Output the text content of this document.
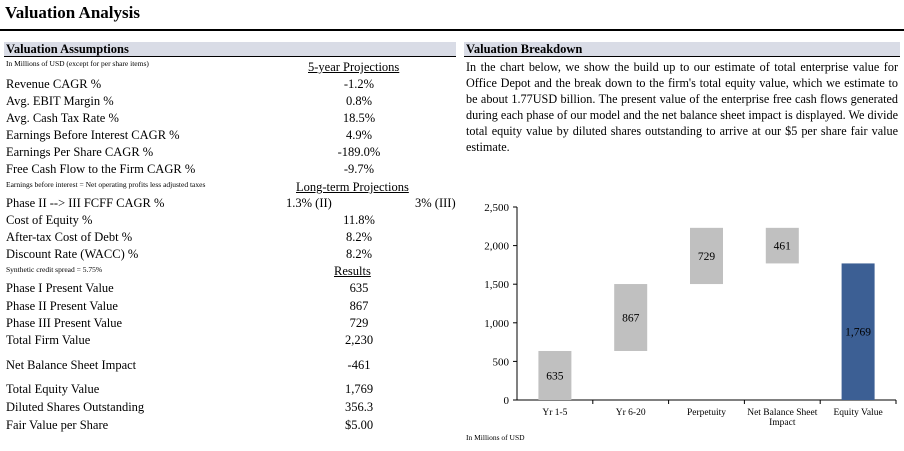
Valuation Analysis
Valuation Assumptions
In Millions of USD (except for per share items)	5-year Projections
Revenue CAGR %	-1.2%
Avg. EBIT Margin %	0.8%
Avg. Cash Tax Rate %	18.5%
Earnings Before Interest CAGR %	4.9%
Earnings Per Share CAGR %	-189.0%
Free Cash Flow to the Firm CAGR %	-9.7%
Earnings before interest = Net operating profits less adjusted taxes	Long-term Projections
Phase II --> III FCFF CAGR %	1.3% (II)	3% (III)
Cost of Equity %	11.8%
After-tax Cost of Debt %	8.2%
Discount Rate (WACC) %	8.2%
Synthetic credit spread = 5.75%	Results
Phase I Present Value	635
Phase II Present Value	867
Phase III Present Value	729
Total Firm Value	2,230
Net Balance Sheet Impact	-461
Total Equity Value	1,769
Diluted Shares Outstanding	356.3
Fair Value per Share	$5.00
Valuation Breakdown
In the chart below, we show the build up to our estimate of total enterprise value for Office Depot and the break down to the firm's total equity value, which we estimate to be about 1.77USD billion. The present value of the enterprise free cash flows generated during each phase of our model and the net balance sheet impact is displayed. We divide total equity value by diluted shares outstanding to arrive at our $5 per share fair value estimate.
0
500
1,000
1,500
2,000
2,500
635
867
729
461
1,769
Yr 1-5	Yr 6-20	Perpetuity Net Balance Sheet
Impact
Equity Value
In Millions of USD
